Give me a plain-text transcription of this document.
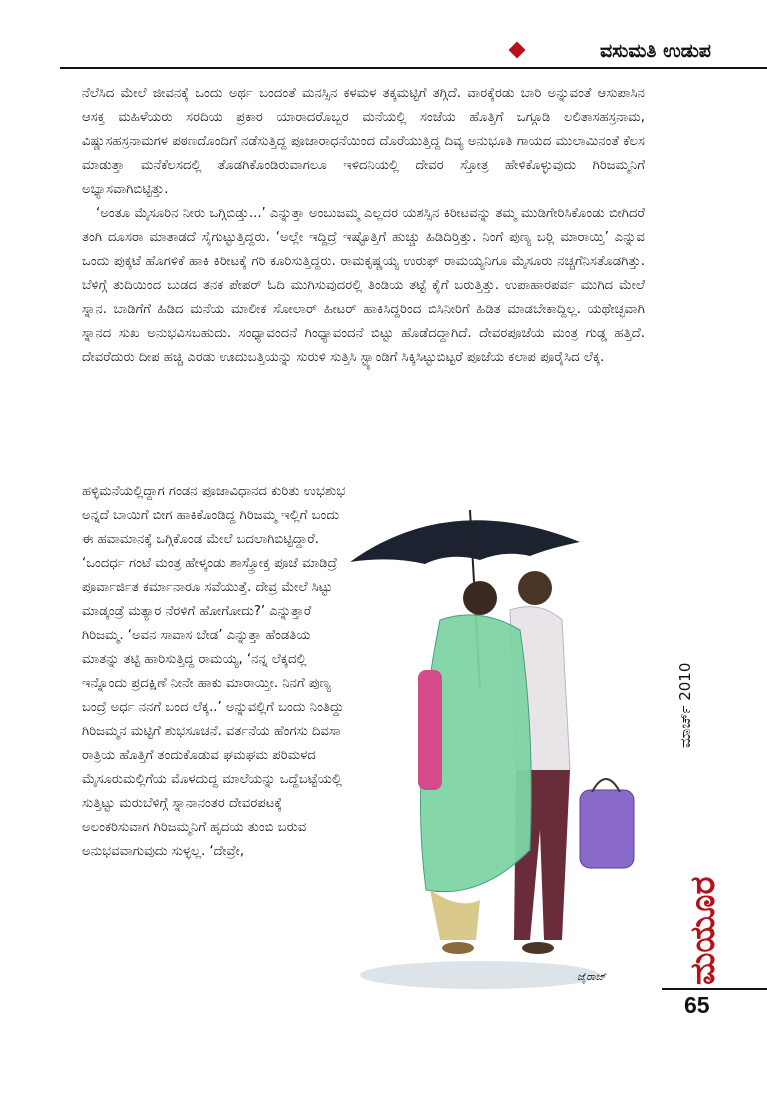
ವಸುಮತಿ ಉಡುಪ

ನೆಲೆಸಿದ ಮೇಲೆ ಜೀವನಕ್ಕೆ ಒಂದು ಅರ್ಥ ಬಂದಂತೆ ಮನಸ್ಸಿನ ಕಳಮಳ ತಕ್ಕಮಟ್ಟಿಗೆ ತಗ್ಗಿದೆ. ವಾರಕ್ಕೆರಡು ಬಾರಿ ಅನ್ನುವಂತೆ ಆಸುಪಾಸಿನ ಆಸಕ್ತ ಮಹಿಳೆಯರು ಸರದಿಯ ಪ್ರಕಾರ ಯಾರಾದರೊಬ್ಬರ ಮನೆಯಲ್ಲಿ ಸಂಜೆಯ ಹೊತ್ತಿಗೆ ಒಗ್ಗೂಡಿ ಲಲಿತಾಸಹಸ್ರನಾಮ, ವಿಷ್ಣುಸಹಸ್ರನಾಮಗಳ ಪಠಣದೊಂದಿಗೆ ನಡೆಸುತ್ತಿದ್ದ ಪೂಜಾರಾಧನೆಯಿಂದ ದೊರೆಯುತ್ತಿದ್ದ ದಿವ್ಯ ಅನುಭೂತಿ ಗಾಯದ ಮುಲಾಮಿನಂತೆ ಕೆಲಸ ಮಾಡುತ್ತಾ ಮನೆಕೆಲಸದಲ್ಲಿ ತೊಡಗಿಕೊಂಡಿರುವಾಗಲೂ ಇಳಿದನಿಯಲ್ಲಿ ದೇವರ ಸ್ತೋತ್ರ ಹೇಳಿಕೊಳ್ಳುವುದು ಗಿರಿಜಮ್ಮನಿಗೆ ಅಭ್ಯಾಸವಾಗಿಬಿಟ್ಟಿತ್ತು.

‘ಅಂತೂ ಮೈಸೂರಿನ ನೀರು ಒಗ್ಗಿಬಿಡ್ತು...’ ಎನ್ನುತ್ತಾ ಅಂಬುಜಮ್ಮ ಎಲ್ಲದರ ಯಶಸ್ಸಿನ ಕಿರೀಟವನ್ನು ತಮ್ಮ ಮುಡಿಗೇರಿಸಿಕೊಂಡು ಬೀಗಿದರೆ ತಂಗಿ ದೂಸರಾ ಮಾತಾಡದೆ ಸೈಗುಟ್ಟುತ್ತಿದ್ದರು. ‘ಅಲ್ಲೇ ಇದ್ದಿದ್ರೆ ಇಷ್ಟೊತ್ತಿಗೆ ಹುಚ್ಚು ಹಿಡಿದಿರ್‍ತಿತ್ತು. ನಿಂಗೆ ಪುಣ್ಯ ಬರ್‍ಲಿ ಮಾರಾಯ್ತಿ’ ಎನ್ನುವ ಒಂದು ಪುಕ್ಕಟೆ ಹೊಗಳಿಕೆ ಹಾಕಿ ಕಿರೀಟಕ್ಕೆ ಗರಿ ಕೂರಿಸುತ್ತಿದ್ದರು. ರಾಮಕೃಷ್ಣಯ್ಯ ಉರುಫ್ ರಾಮಯ್ಯನಿಗೂ ಮೈಸೂರು ನಚ್ಚಗೆನಿಸತೊಡಗಿತ್ತು. ಬೆಳಿಗ್ಗೆ ತುದಿಯಿಂದ ಬುಡದ ತನಕ ಪೇಪರ್ ಓದಿ ಮುಗಿಸುವುದರಲ್ಲಿ ತಿಂಡಿಯ ತಟ್ಟೆ ಕೈಗೆ ಬರುತ್ತಿತ್ತು. ಉಪಾಹಾರಪರ್ವ ಮುಗಿದ ಮೇಲೆ ಸ್ನಾನ. ಬಾಡಿಗೆಗೆ ಹಿಡಿದ ಮನೆಯ ಮಾಲೀಕ ಸೋಲಾರ್ ಹೀಟರ್ ಹಾಕಿಸಿದ್ದರಿಂದ ಬಿಸಿನೀರಿಗೆ ಹಿಡಿತ ಮಾಡಬೇಕಾದ್ದಿಲ್ಲ. ಯಥೇಚ್ಛವಾಗಿ ಸ್ನಾನದ ಸುಖ ಅನುಭವಿಸಬಹುದು. ಸಂಧ್ಯಾವಂದನೆ ಗಿಂಧ್ಯಾವಂದನೆ ಬಿಟ್ಟು ಹೊಡೆದದ್ದಾಗಿದೆ. ದೇವರಪೂಜೆಯ ಮಂತ್ರ ಗುಡ್ಡ ಹತ್ತಿದೆ. ದೇವರೆದುರು ದೀಪ ಹಚ್ಚಿ ಎರಡು ಊದುಬತ್ತಿಯನ್ನು ಸುರುಳಿ ಸುತ್ತಿಸಿ ಸ್ಟ್ಯಾಂಡಿಗೆ ಸಿಕ್ಕಿಸಿಟ್ಟುಬಿಟ್ಟರೆ ಪೂಜೆಯ ಕಲಾಪ ಪೂರೈಸಿದ ಲೆಕ್ಕ.

ಹಳ್ಳಿಮನೆಯಲ್ಲಿದ್ದಾಗ ಗಂಡನ ಪೂಜಾವಿಧಾನದ ಕುರಿತು ಉಭಶುಭ ಅನ್ನದೆ ಬಾಯಿಗೆ ಬೀಗ ಹಾಕಿಕೊಂಡಿದ್ದ ಗಿರಿಜಮ್ಮ ಇಲ್ಲಿಗೆ ಬಂದು ಈ ಹವಾಮಾನಕ್ಕೆ ಒಗ್ಗಿಕೊಂಡ ಮೇಲೆ ಬದಲಾಗಿಬಿಟ್ಟಿದ್ದಾರೆ. ‘ಒಂದರ್ಧ ಗಂಟೆ ಮಂತ್ರ ಹೇಳ್ಕಂಡು ಶಾಸ್ತ್ರೋಕ್ತ ಪೂಜೆ ಮಾಡಿದ್ರೆ ಪೂರ್ವಾರ್ಜಿತ ಕರ್ಮಾನಾರೂ ಸವೆಯುತ್ತೆ. ದೇವ್ರ ಮೇಲೆ ಸಿಟ್ಟು ಮಾಡ್ಕಂಡ್ರೆ ಮತ್ಯಾರ ನೆರಳಿಗೆ ಹೋಗೋದು?’ ಎನ್ನುತ್ತಾರೆ ಗಿರಿಜಮ್ಮ. ‘ಅವನ ಸಾವಾಸ ಬೇಡ’ ಎನ್ನುತ್ತಾ ಹೆಂಡತಿಯ ಮಾತನ್ನು ತಟ್ಟಿ ಹಾರಿಸುತ್ತಿದ್ದ ರಾಮಯ್ಯ, ‘ನನ್ನ ಲೆಕ್ಕದಲ್ಲಿ ಇನ್ನೊಂದು ಪ್ರದಕ್ಷಿಣೆ ನೀನೇ ಹಾಕು ಮಾರಾಯ್ತೀ. ನಿನಗೆ ಪುಣ್ಯ ಬಂದ್ರೆ ಅರ್ಧ ನನಗೆ ಬಂದ ಲೆಕ್ಕ..’ ಅನ್ನುವಲ್ಲಿಗೆ ಬಂದು ನಿಂತಿದ್ದು ಗಿರಿಜಮ್ಮನ ಮಟ್ಟಿಗೆ ಶುಭಸೂಚನೆ. ವರ್ತನೆಯ ಹೆಂಗಸು ದಿವಸಾ ರಾತ್ರಿಯ ಹೊತ್ತಿಗೆ ತಂದುಕೊಡುವ ಘಮಘಮ ಪರಿಮಳದ ಮೈಸೂರುಮಲ್ಲಿಗೆಯ ಮೊಳದುದ್ದ ಮಾಲೆಯನ್ನು ಒದ್ದೆಬಟ್ಟೆಯಲ್ಲಿ ಸುತ್ತಿಟ್ಟು ಮರುಬೆಳಿಗ್ಗೆ ಸ್ನಾನಾನಂತರ ದೇವರಪಟಕ್ಕೆ ಅಲಂಕರಿಸುವಾಗ ಗಿರಿಜಮ್ಮನಿಗೆ ಹೃದಯ ತುಂಬಿ ಬರುವ ಅನುಭವವಾಗುವುದು ಸುಳ್ಳಲ್ಲ. ‘ದೇವ್ರೇ,

ಜೈರಾಜ್
ಮಾರ್ಚ್ 2010
ಮಯೂರ
65
